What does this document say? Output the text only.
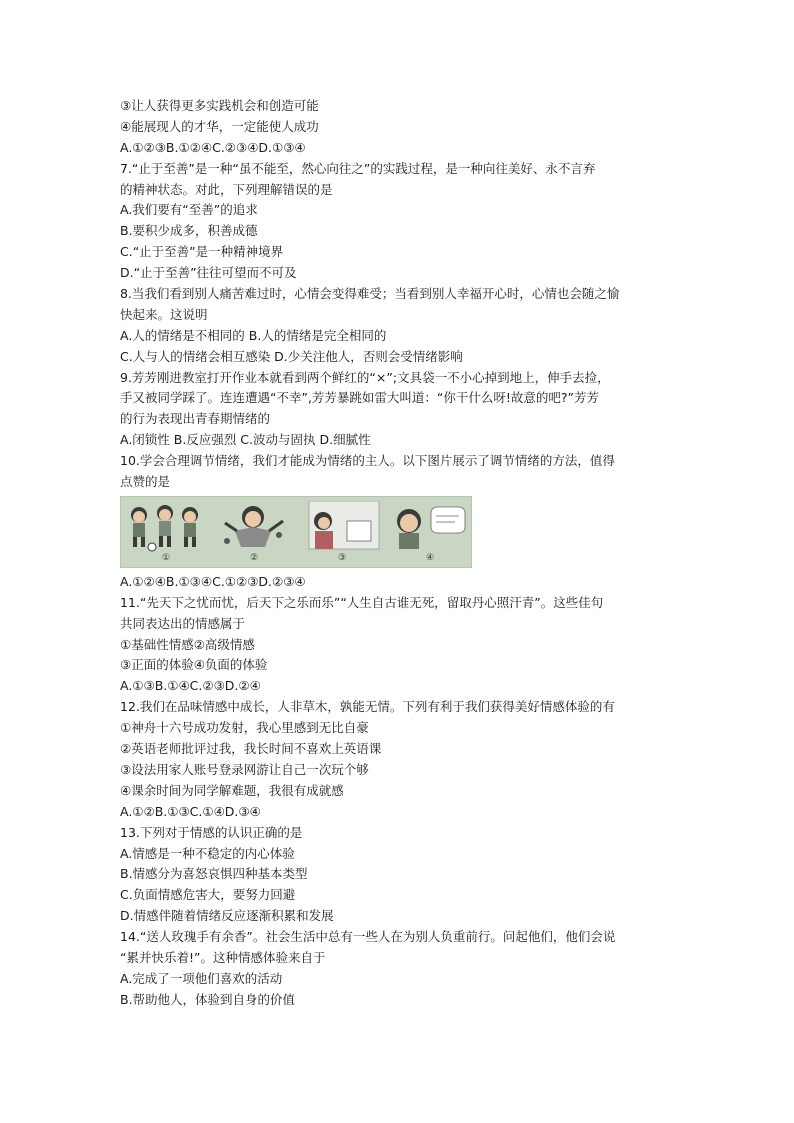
③让人获得更多实践机会和创造可能
④能展现人的才华，一定能使人成功
A.①②③B.①②④C.②③④D.①③④
7.“止于至善”是一种“虽不能至，然心向往之”的实践过程，是一种向往美好、永不言弃
的精神状态。对此，下列理解错误的是
A.我们要有“至善”的追求
B.要积少成多，积善成德
C.“止于至善”是一种精神境界
D.“止于至善”往往可望而不可及
8.当我们看到别人痛苦难过时，心情会变得难受；当看到别人幸福开心时，心情也会随之愉
快起来。这说明
A.人的情绪是不相同的 B.人的情绪是完全相同的
C.人与人的情绪会相互感染 D.少关注他人，否则会受情绪影响
9.芳芳刚进教室打开作业本就看到两个鲜红的“×”;文具袋一不小心掉到地上，伸手去捡，
手又被同学踩了。连连遭遇“不幸”,芳芳暴跳如雷大叫道：“你干什么呀!故意的吧?”芳芳
的行为表现出青春期情绪的
A.闭锁性 B.反应强烈 C.波动与固执 D.细腻性
10.学会合理调节情绪，我们才能成为情绪的主人。以下图片展示了调节情绪的方法，值得
点赞的是
①	②	③	④
A.①②④B.①③④C.①②③D.②③④
11.“先天下之忧而忧，后天下之乐而乐”“人生自古谁无死，留取丹心照汗青”。这些佳句
共同表达出的情感属于
①基础性情感②高级情感
③正面的体验④负面的体验
A.①③B.①④C.②③D.②④
12.我们在品味情感中成长，人非草木，孰能无情。下列有利于我们获得美好情感体验的有
①神舟十六号成功发射，我心里感到无比自豪
②英语老师批评过我，我长时间不喜欢上英语课
③设法用家人账号登录网游让自己一次玩个够
④课余时间为同学解难题，我很有成就感
A.①②B.①③C.①④D.③④
13.下列对于情感的认识正确的是
A.情感是一种不稳定的内心体验
B.情感分为喜怒哀惧四种基本类型
C.负面情感危害大，要努力回避
D.情感伴随着情绪反应逐渐积累和发展
14.“送人玫瑰手有余香”。社会生活中总有一些人在为别人负重前行。问起他们，他们会说
“累并快乐着!”。这种情感体验来自于
A.完成了一项他们喜欢的活动
B.帮助他人，体验到自身的价值
